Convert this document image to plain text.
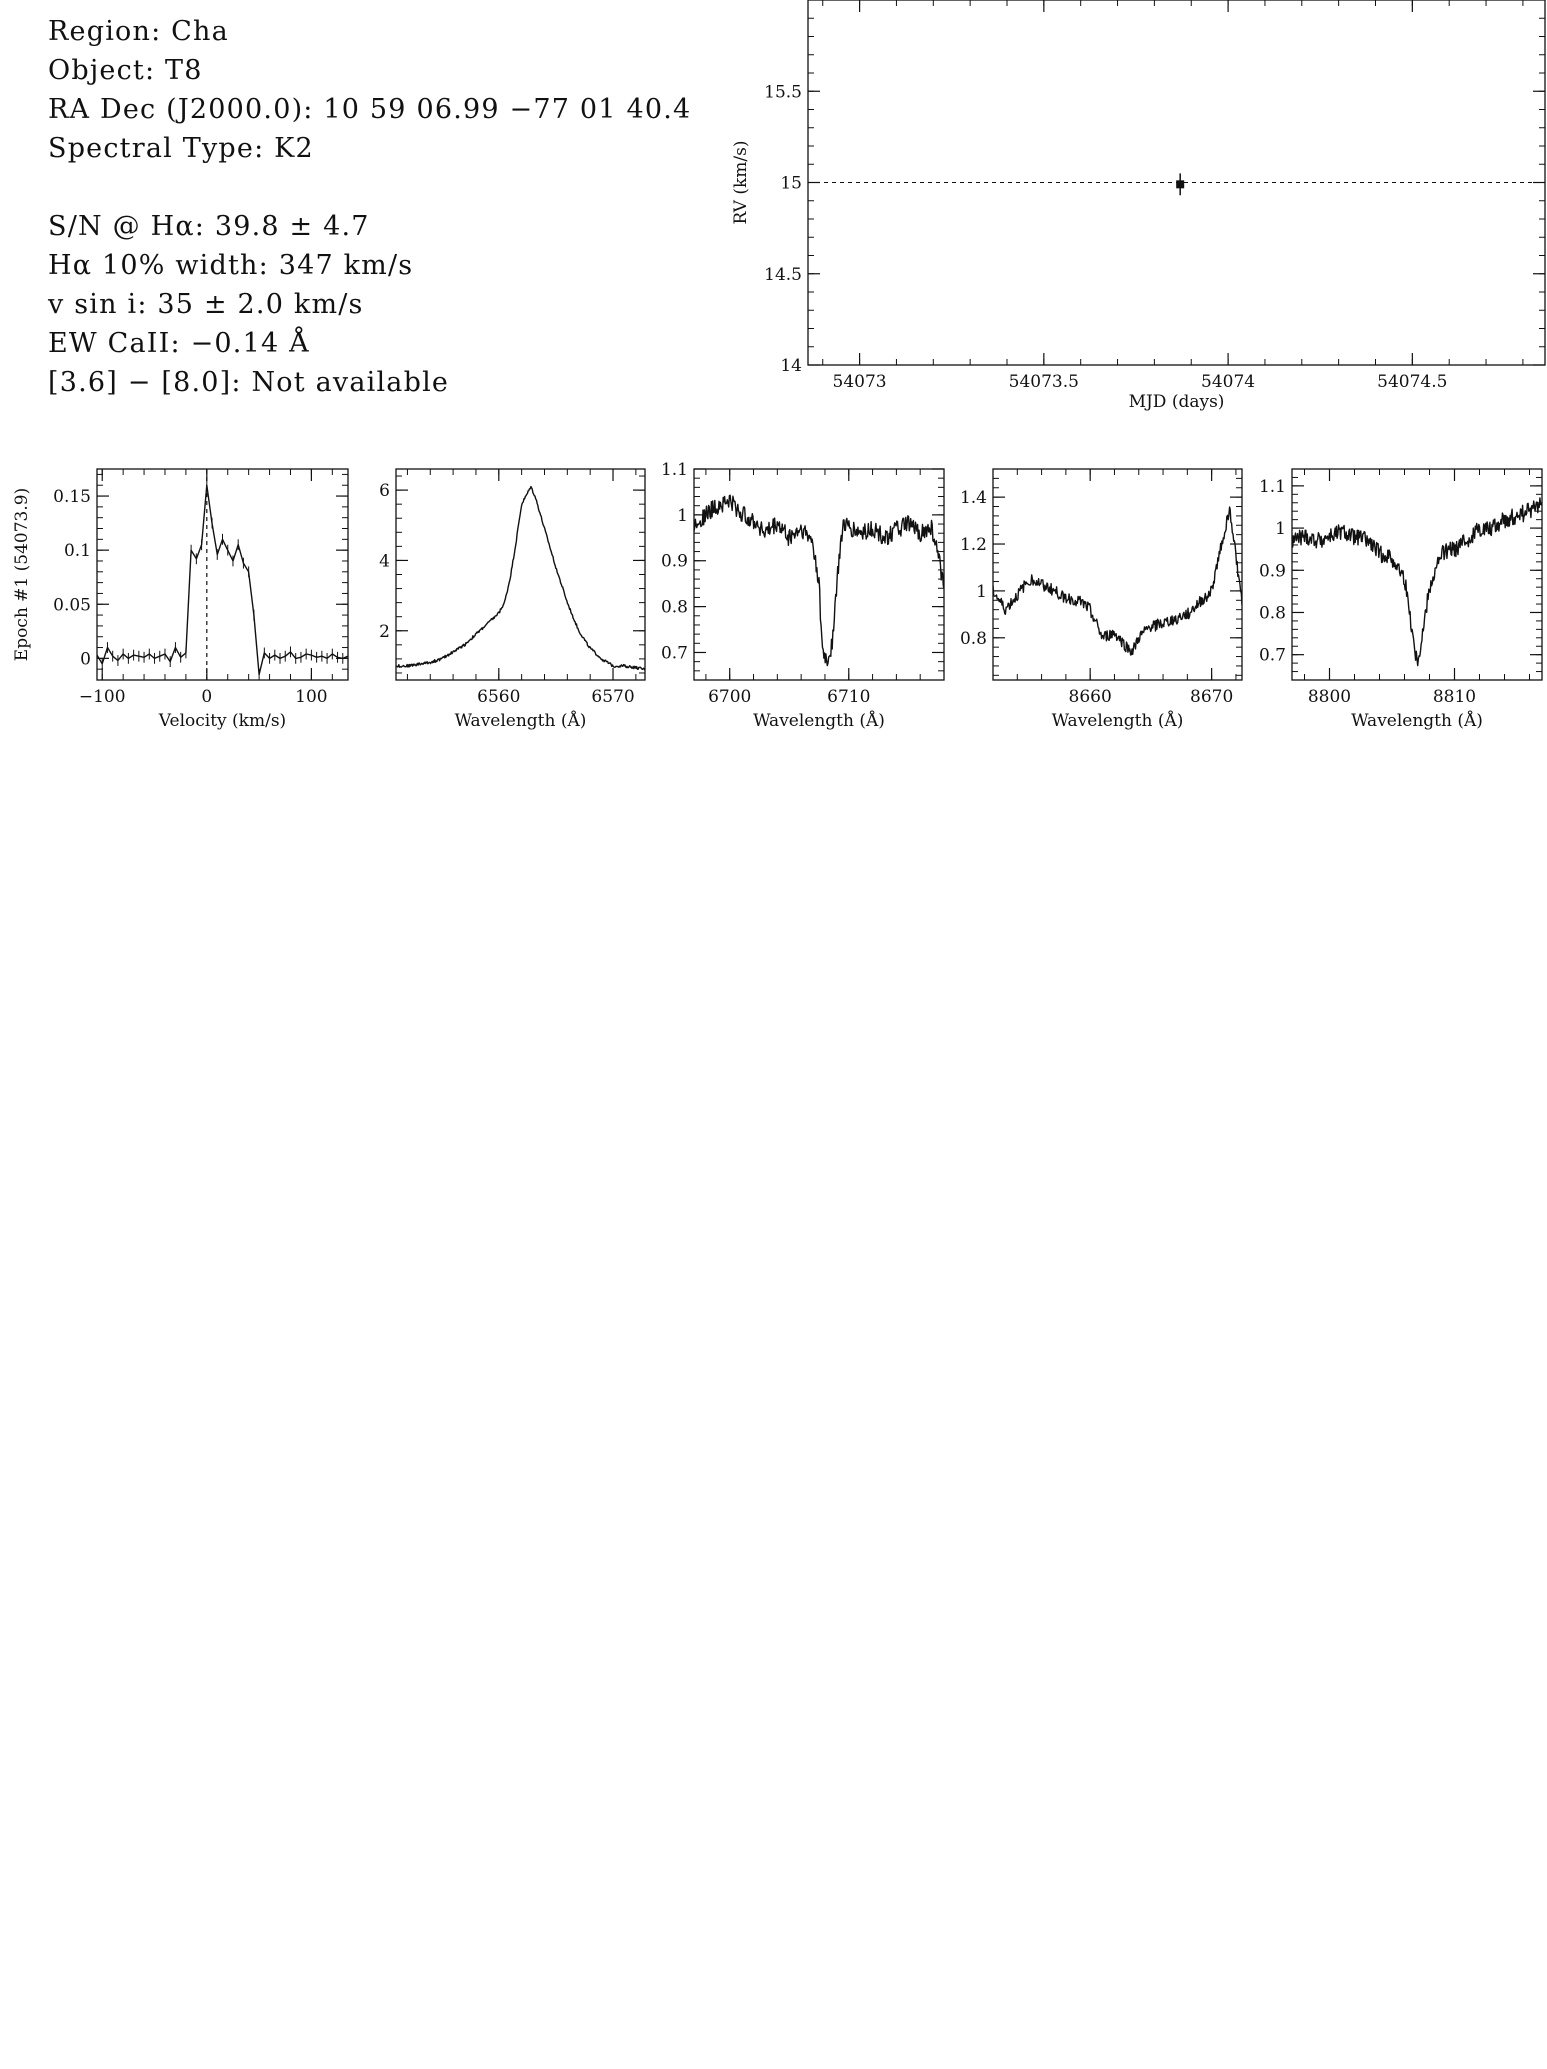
Region: Cha
Object: T8
RA Dec (J2000.0): 10 59 06.99 −77 01 40.4
Spectral Type: K2
S/N @ Hα: 39.8 ± 4.7
Hα 10% width: 347 km/s
v sin i: 35 ± 2.0 km/s
EW CaII: −0.14 Å
[3.6] − [8.0]: Not available	54073	54073.5	54074	54074.5
14
14.5
15
15.5
MJD (days)
RV (km/s)
−100	0	100
0
0.05
0.1
0.15
Velocity (km/s)
Epoch #1 (54073.9)
6560	6570
2
4
6
Wavelength (Å)
6700	6710
0.7
0.8
0.9
1
1.1
Wavelength (Å)
8660	8670
0.8
1
1.2
1.4
Wavelength (Å)
8800	8810
0.7
0.8
0.9
1
1.1
Wavelength (Å)
